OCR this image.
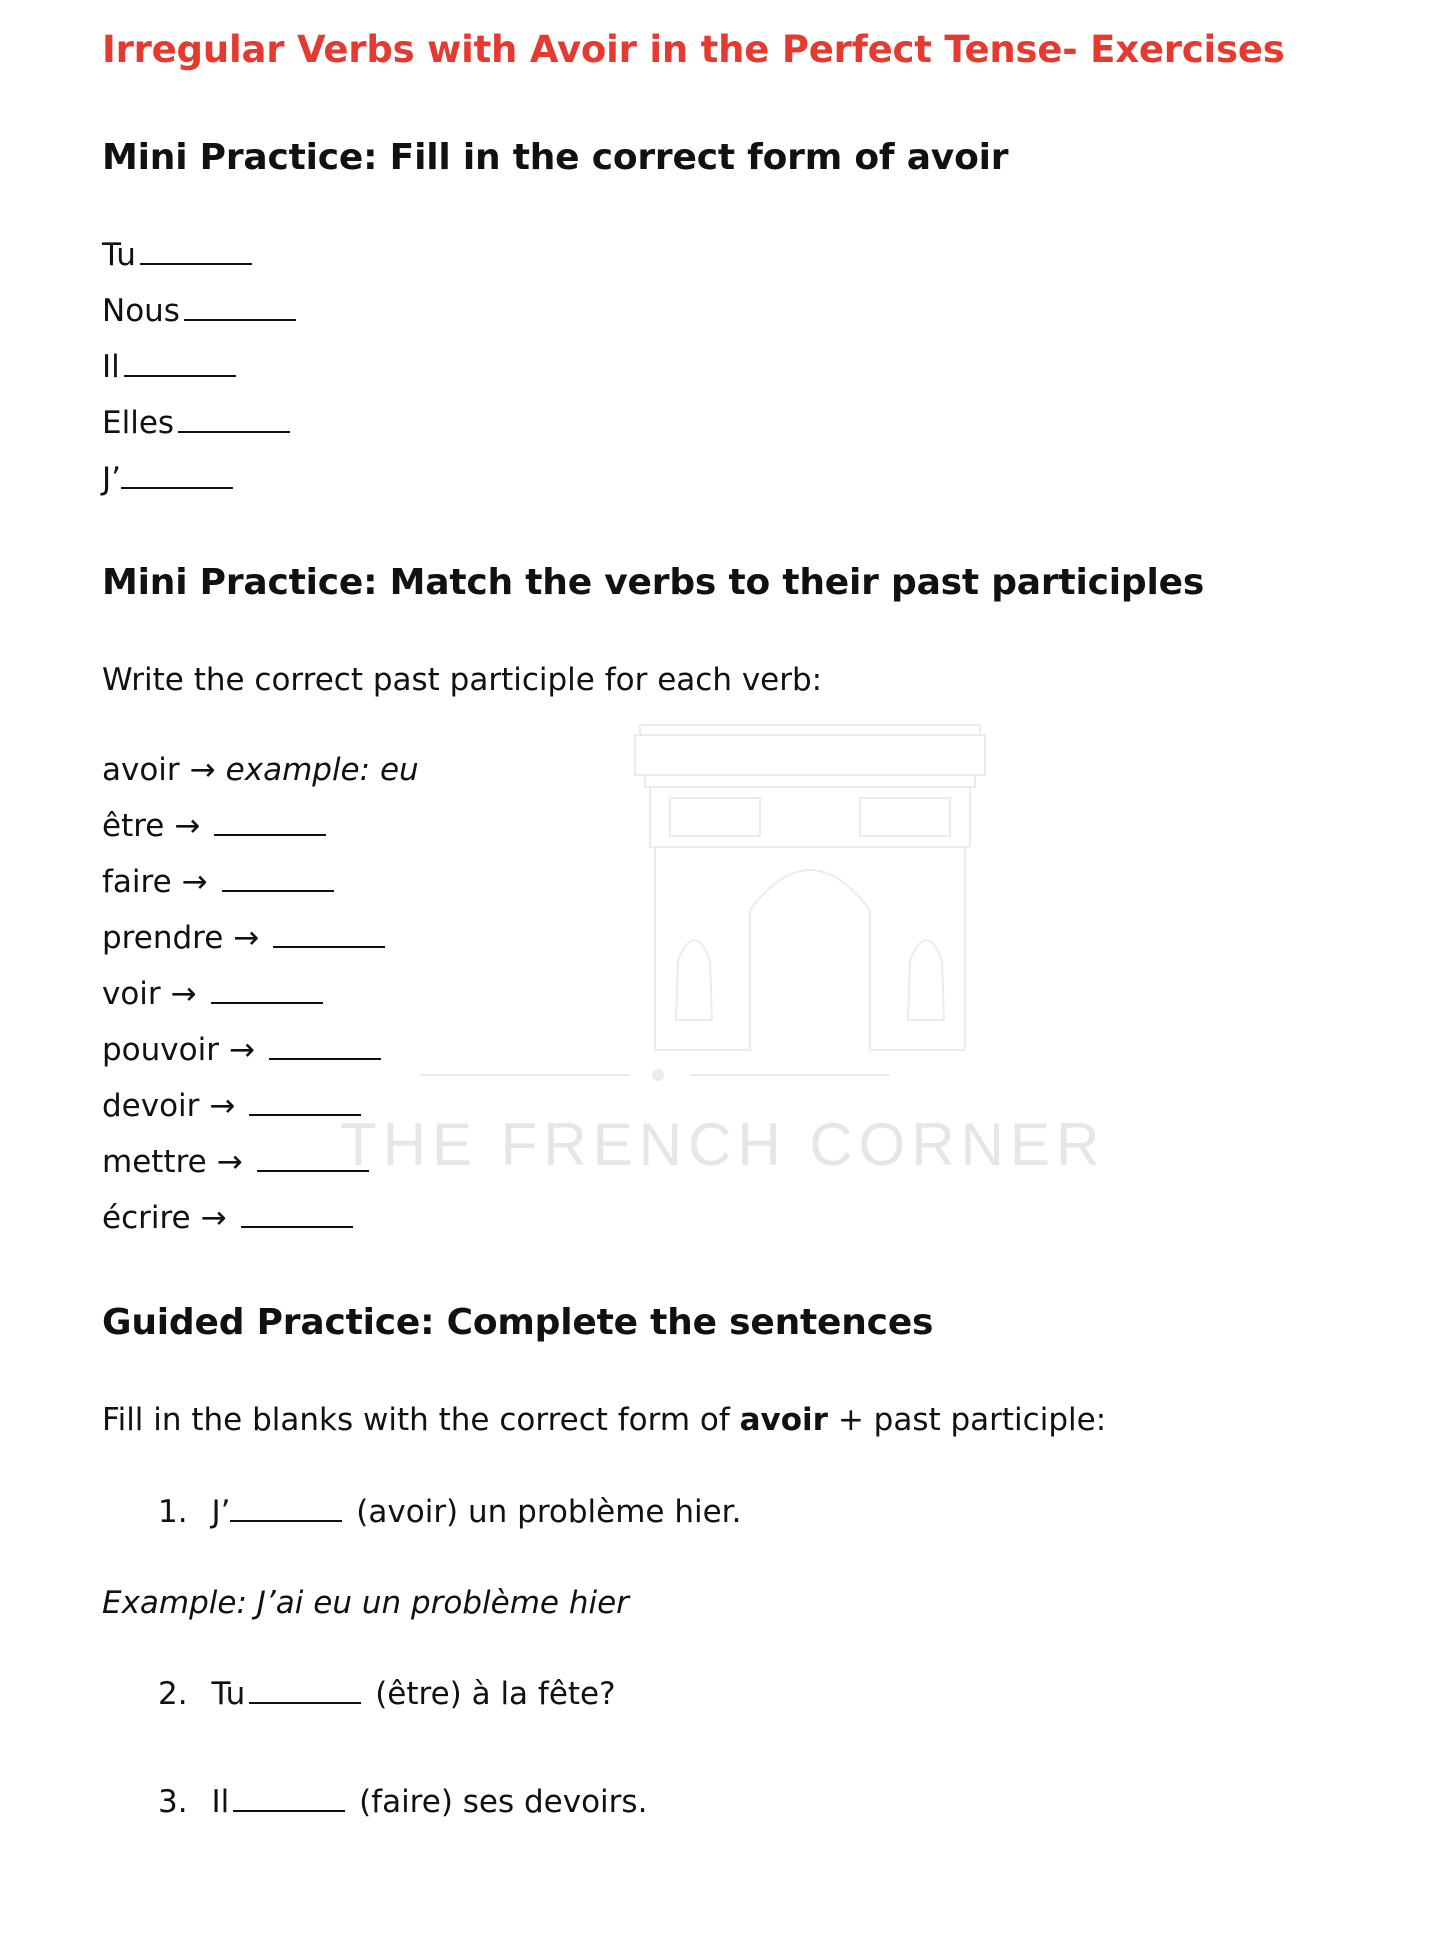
THE FRENCH CORNER
Irregular Verbs with Avoir in the Perfect Tense- Exercises
Mini Practice: Fill in the correct form of avoir
Tu
Nous
Il
Elles
J’
Mini Practice: Match the verbs to their past participles
Write the correct past participle for each verb:
avoir → example: eu
être →
faire →
prendre →
voir →
pouvoir →
devoir →
mettre →
écrire →
Guided Practice: Complete the sentences
Fill in the blanks with the correct form of avoir + past participle:
1. J’	(avoir) un problème hier.
Example: J’ai eu un problème hier
2. Tu	(être) à la fête?
3. Il	(faire) ses devoirs.
